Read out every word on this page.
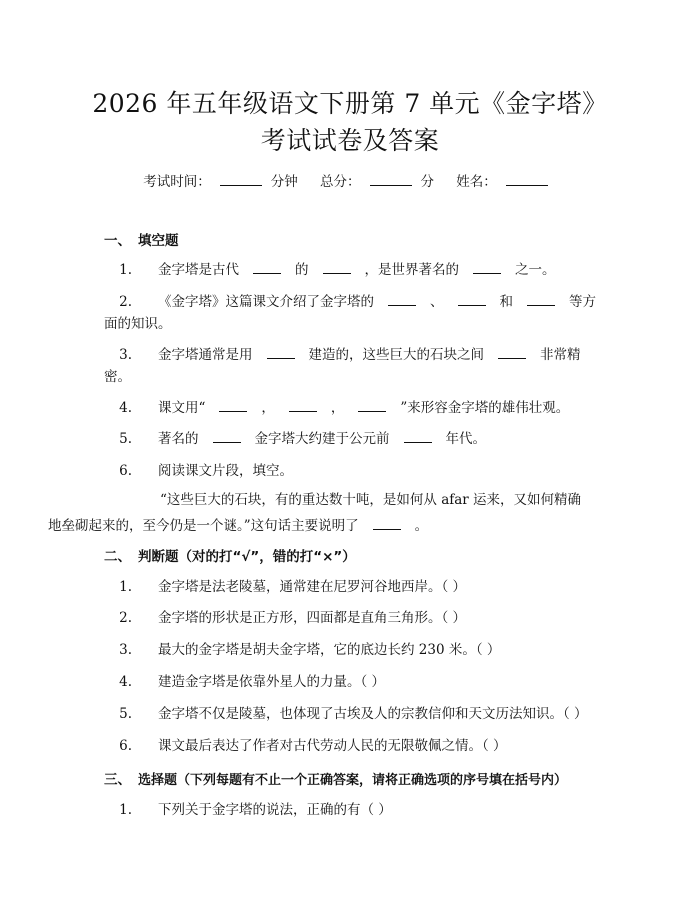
2026 年五年级语文下册第 7 单元《金字塔》
考试试卷及答案
考试时间：	分钟 总分：	分 姓名：
一、 填空题
1. 金字塔是古代	的	，是世界著名的	之一。
2. 《金字塔》这篇课文介绍了金字塔的	、	和	等方
面的知识。
3. 金字塔通常是用	建造的，这些巨大的石块之间	非常精
密。
4. 课文用“	，	，	”来形容金字塔的雄伟壮观。
5. 著名的	金字塔大约建于公元前	年代。
6. 阅读课文片段，填空。
“这些巨大的石块，有的重达数十吨，是如何从 afar 运来，又如何精确
地垒砌起来的，至今仍是一个谜。”这句话主要说明了	。
二、 判断题（对的打“√”，错的打“×”）
1. 金字塔是法老陵墓，通常建在尼罗河谷地西岸。（ ）
2. 金字塔的形状是正方形，四面都是直角三角形。（ ）
3. 最大的金字塔是胡夫金字塔，它的底边长约 230 米。（ ）
4. 建造金字塔是依靠外星人的力量。（ ）
5. 金字塔不仅是陵墓，也体现了古埃及人的宗教信仰和天文历法知识。（ ）
6. 课文最后表达了作者对古代劳动人民的无限敬佩之情。（ ）
三、 选择题（下列每题有不止一个正确答案，请将正确选项的序号填在括号内）
1. 下列关于金字塔的说法，正确的有（ ）
